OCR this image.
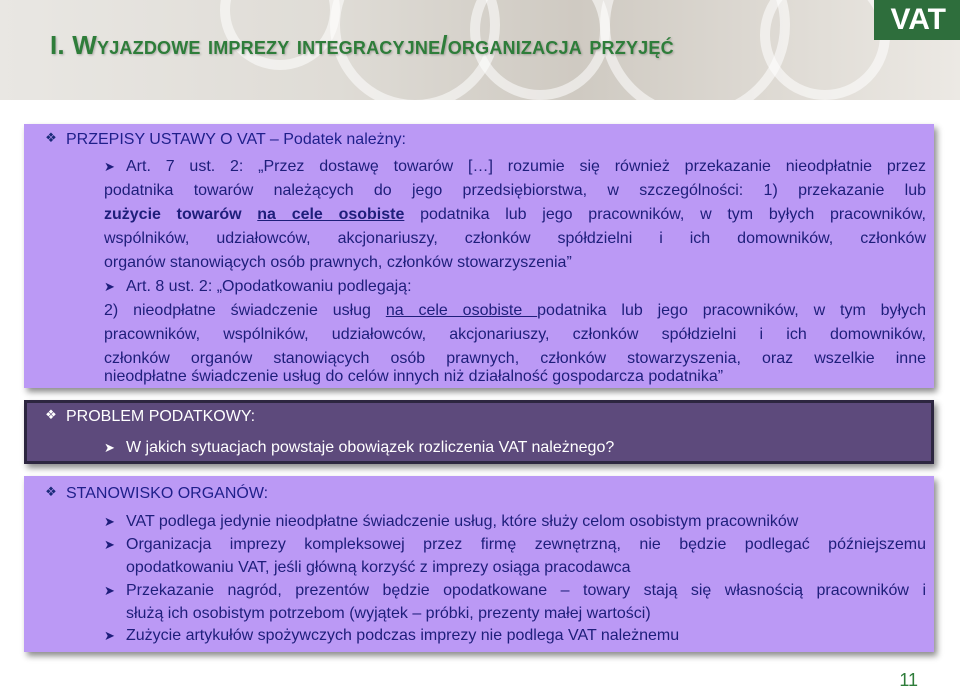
VAT
I. Wyjazdowe imprezy integracyjne/organizacja przyjęć
❖ PRZEPISY USTAWY O VAT – Podatek należny:
➤ Art. 7 ust. 2: „Przez dostawę towarów […] rozumie się również przekazanie nieodpłatnie przez
podatnika towarów należących do jego przedsiębiorstwa, w szczególności: 1) przekazanie lub
zużycie towarów na cele osobiste podatnika lub jego pracowników, w tym byłych pracowników,
wspólników, udziałowców, akcjonariuszy, członków spółdzielni i ich domowników, członków
organów stanowiących osób prawnych, członków stowarzyszenia”
➤ Art. 8 ust. 2: „Opodatkowaniu podlegają:
2) nieodpłatne świadczenie usług na cele osobiste podatnika lub jego pracowników, w tym byłych
pracowników, wspólników, udziałowców, akcjonariuszy, członków spółdzielni i ich domowników,
członków organów stanowiących osób prawnych, członków stowarzyszenia, oraz wszelkie inne
nieodpłatne świadczenie usług do celów innych niż działalność gospodarcza podatnika”
❖ PROBLEM PODATKOWY:
➤ W jakich sytuacjach powstaje obowiązek rozliczenia VAT należnego?
❖ STANOWISKO ORGANÓW:
➤ VAT podlega jedynie nieodpłatne świadczenie usług, które służy celom osobistym pracowników
➤ Organizacja imprezy kompleksowej przez firmę zewnętrzną, nie będzie podlegać późniejszemu
opodatkowaniu VAT, jeśli główną korzyść z imprezy osiąga pracodawca
➤ Przekazanie nagród, prezentów będzie opodatkowane – towary stają się własnością pracowników i
służą ich osobistym potrzebom (wyjątek – próbki, prezenty małej wartości)
➤ Zużycie artykułów spożywczych podczas imprezy nie podlega VAT należnemu
11
